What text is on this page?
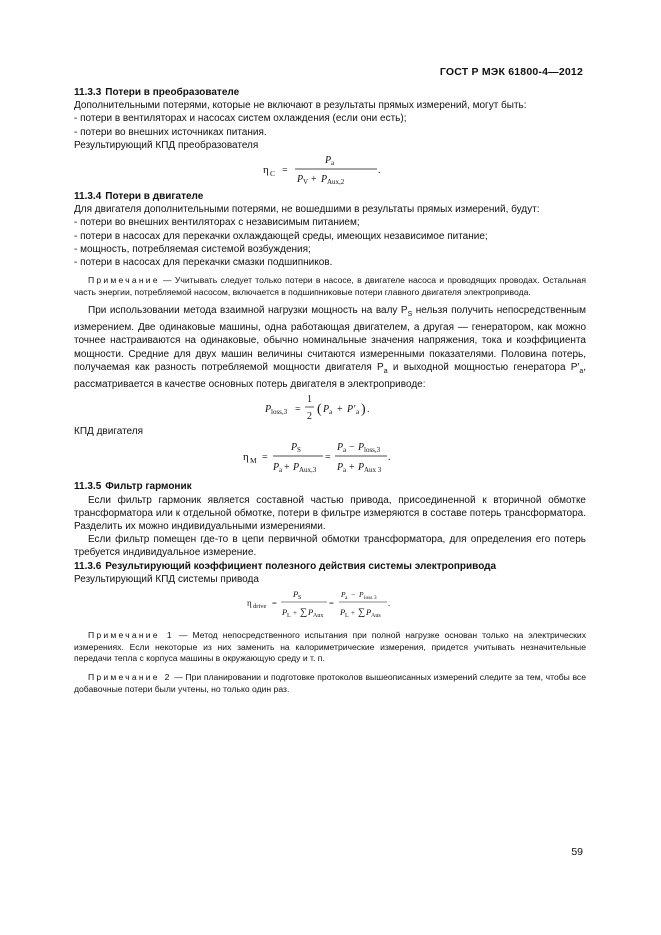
ГОСТ Р МЭК 61800-4—2012

11.3.3 Потери в преобразователе

Дополнительными потерями, которые не включают в результаты прямых измерений, могут быть:

- потери в вентиляторах и насосах систем охлаждения (если они есть);

- потери во внешних источниках питания.

Результирующий КПД преобразователя

η C =
P a
P V + P Aux,2
.

11.3.4 Потери в двигателе

Для двигателя дополнительными потерями, не вошедшими в результаты прямых измерений, будут:

- потери во внешних вентиляторах с независимым питанием;

- потери в насосах для перекачки охлаждающей среды, имеющих независимое питание;

- мощность, потребляемая системой возбуждения;

- потери в насосах для перекачки смазки подшипников.

Примечание — Учитывать следует только потери в насосе, в двигателе насоса и проводящих проводах. Остальная часть энергии, потребляемой насосом, включается в подшипниковые потери главного двигателя электропривода.

При использовании метода взаимной нагрузки мощность на валу $P_S$ нельзя получить непосредственным измерением. Две одинаковые машины, одна работающая двигателем, а другая — генератором, как можно точнее настраиваются на одинаковые, обычно номинальные значения напряжения, тока и коэффициента мощности. Средние для двух машин величины считаются измеренными показателями. Половина потерь, получаемая как разность потребляемой мощности двигателя $P_a$ и выходной мощностью генератора $P'_a$, рассматривается в качестве основных потерь двигателя в электроприводе:

P loss,3 =
1
2 ( P a + P′ a ) .

КПД двигателя

η M =
P S
P a + P Aux,3
=
P a − P loss,3
P a + P Aux 3
.

11.3.5 Фильтр гармоник

Если фильтр гармоник является составной частью привода, присоединенной к вторичной обмотке трансформатора или к отдельной обмотке, потери в фильтре измеряются в составе потерь трансформатора. Разделить их можно индивидуальными измерениями.

Если фильтр помещен где-то в цепи первичной обмотки трансформатора, для определения его потерь требуется индивидуальное измерение.

11.3.6 Результирующий коэффициент полезного действия системы электропривода

Результирующий КПД системы привода

η drive =
P S
P L + ∑ P Aux
=
P a − P loss 3
P L + ∑ P Aus
.

Примечание 1 — Метод непосредственного испытания при полной нагрузке основан только на электрических измерениях. Если некоторые из них заменить на калориметрические измерения, придется учитывать незначительные передачи тепла с корпуса машины в окружающую среду и т. п.

Примечание 2 — При планировании и подготовке протоколов вышеописанных измерений следите за тем, чтобы все добавочные потери были учтены, но только один раз.

59
